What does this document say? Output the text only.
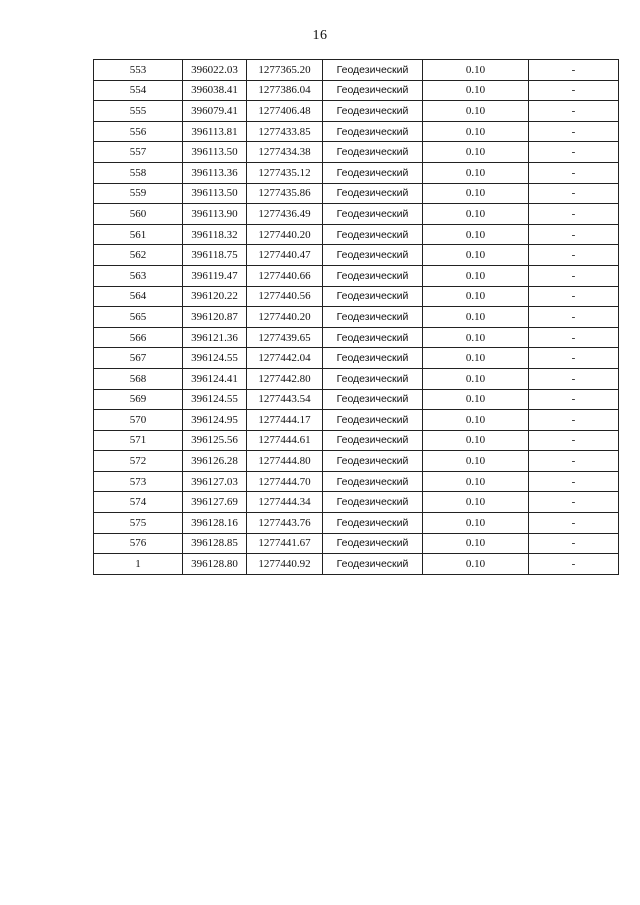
16
553	396022.03	1277365.20	Геодезический	0.10	-
554	396038.41	1277386.04	Геодезический	0.10	-
555	396079.41	1277406.48	Геодезический	0.10	-
556	396113.81	1277433.85	Геодезический	0.10	-
557	396113.50	1277434.38	Геодезический	0.10	-
558	396113.36	1277435.12	Геодезический	0.10	-
559	396113.50	1277435.86	Геодезический	0.10	-
560	396113.90	1277436.49	Геодезический	0.10	-
561	396118.32	1277440.20	Геодезический	0.10	-
562	396118.75	1277440.47	Геодезический	0.10	-
563	396119.47	1277440.66	Геодезический	0.10	-
564	396120.22	1277440.56	Геодезический	0.10	-
565	396120.87	1277440.20	Геодезический	0.10	-
566	396121.36	1277439.65	Геодезический	0.10	-
567	396124.55	1277442.04	Геодезический	0.10	-
568	396124.41	1277442.80	Геодезический	0.10	-
569	396124.55	1277443.54	Геодезический	0.10	-
570	396124.95	1277444.17	Геодезический	0.10	-
571	396125.56	1277444.61	Геодезический	0.10	-
572	396126.28	1277444.80	Геодезический	0.10	-
573	396127.03	1277444.70	Геодезический	0.10	-
574	396127.69	1277444.34	Геодезический	0.10	-
575	396128.16	1277443.76	Геодезический	0.10	-
576	396128.85	1277441.67	Геодезический	0.10	-
1	396128.80	1277440.92	Геодезический	0.10	-
